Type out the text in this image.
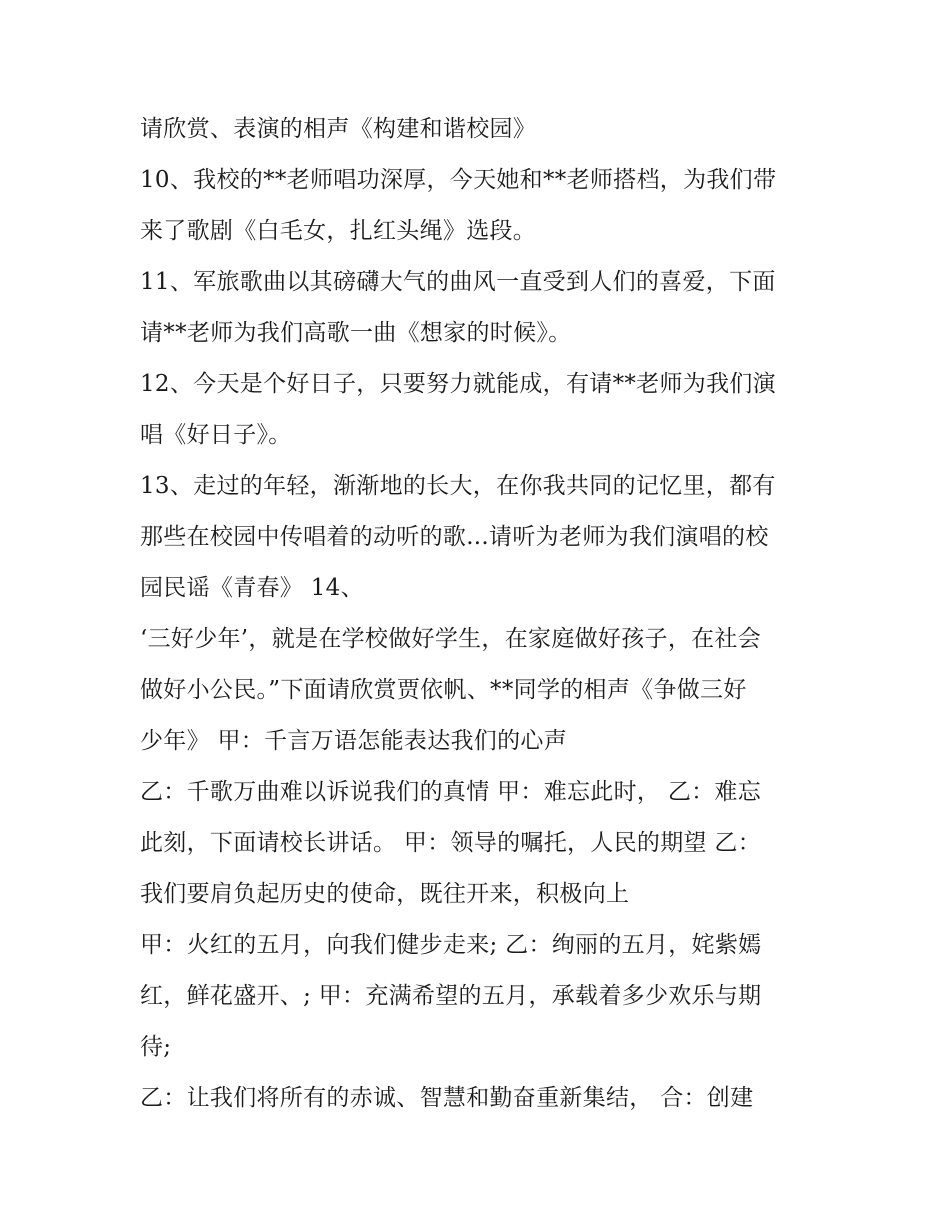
请欣赏、表演的相声《构建和谐校园》
10、我校的**老师唱功深厚，今天她和**老师搭档，为我们带
来了歌剧《白毛女，扎红头绳》选段。
11、军旅歌曲以其磅礴大气的曲风一直受到人们的喜爱，下面
请**老师为我们高歌一曲《想家的时候》。
12、今天是个好日子，只要努力就能成，有请**老师为我们演
唱《好日子》。
13、走过的年轻，渐渐地的长大，在你我共同的记忆里，都有
那些在校园中传唱着的动听的歌...请听为老师为我们演唱的校
园民谣《青春》 14、
‘三好少年’，就是在学校做好学生，在家庭做好孩子，在社会
做好小公民。”下面请欣赏贾依帆、**同学的相声《争做三好
少年》 甲：千言万语怎能表达我们的心声
乙：千歌万曲难以诉说我们的真情 甲：难忘此时， 乙：难忘
此刻，下面请校长讲话。 甲：领导的嘱托，人民的期望 乙：
我们要肩负起历史的使命，既往开来，积极向上
甲：火红的五月，向我们健步走来; 乙：绚丽的五月，姹紫嫣
红，鲜花盛开、; 甲：充满希望的五月，承载着多少欢乐与期
待;
乙：让我们将所有的赤诚、智慧和勤奋重新集结， 合：创建
